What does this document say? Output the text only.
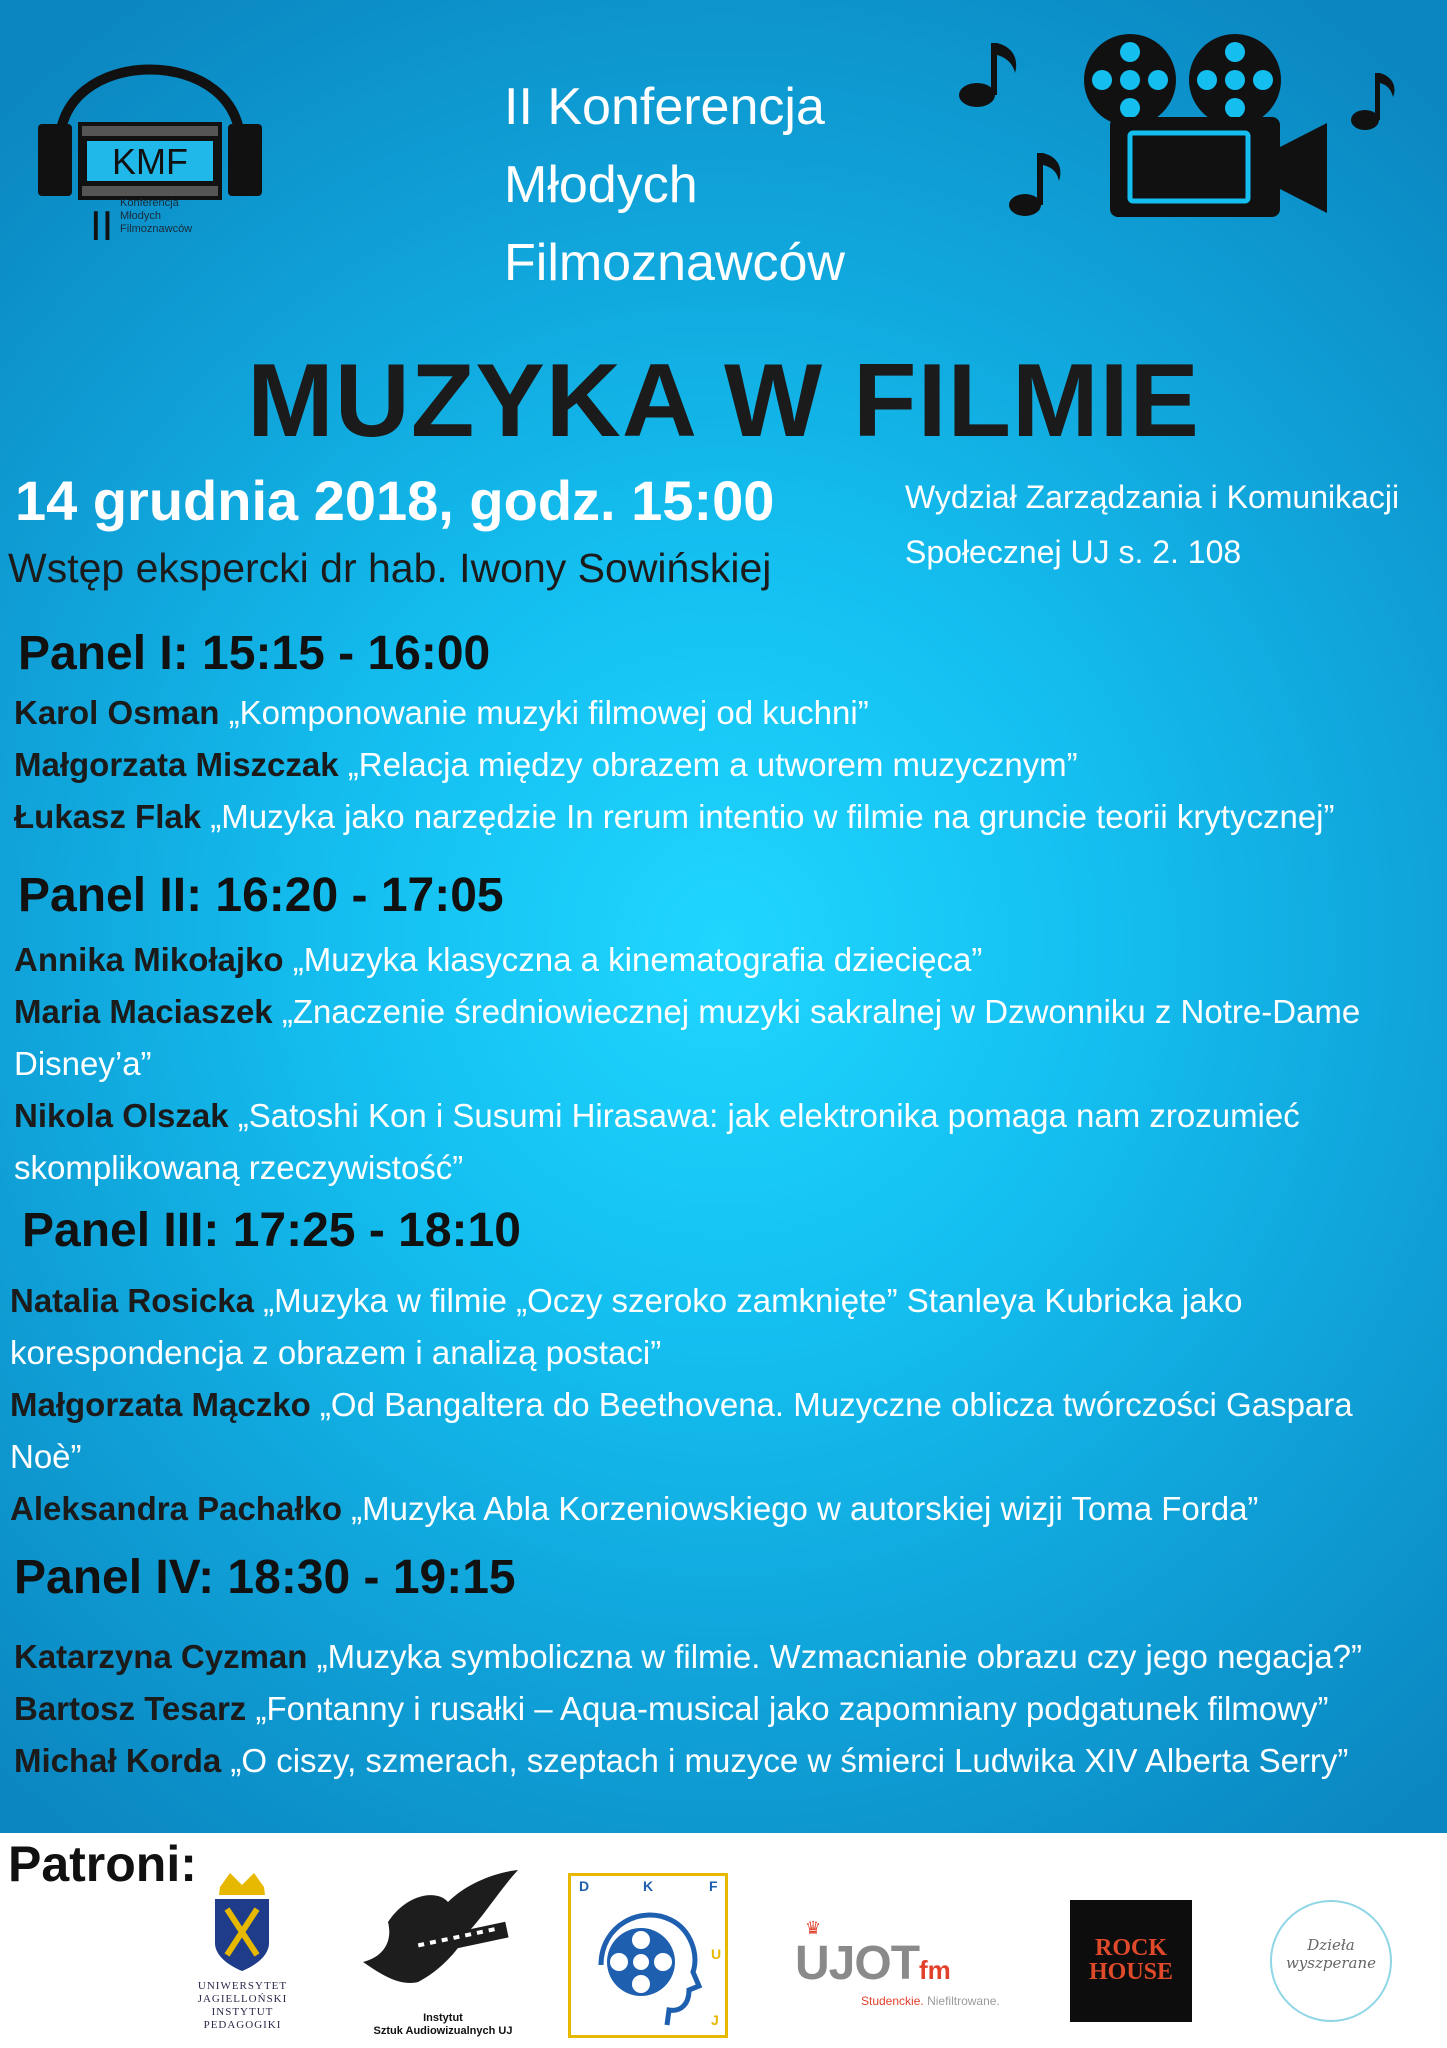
KMF
II Konferencja
Młodych
Filmoznawców
II Konferencja
Młodych
Filmoznawców
MUZYKA W FILMIE
14 grudnia 2018, godz. 15:00
Wstęp ekspercki dr hab. Iwony Sowińskiej
Wydział Zarządzania i Komunikacji
Społecznej UJ s. 2. 108
Panel I: 15:15 - 16:00
Karol Osman „Komponowanie muzyki filmowej od kuchni”
Małgorzata Miszczak „Relacja między obrazem a utworem muzycznym”
Łukasz Flak „Muzyka jako narzędzie In rerum intentio w filmie na gruncie teorii krytycznej”
Panel II: 16:20 - 17:05
Annika Mikołajko „Muzyka klasyczna a kinematografia dziecięca”
Maria Maciaszek „Znaczenie średniowiecznej muzyki sakralnej w Dzwonniku z Notre-Dame Disney’a”
Nikola Olszak „Satoshi Kon i Susumi Hirasawa: jak elektronika pomaga nam zrozumieć skomplikowaną rzeczywistość”
Panel III: 17:25 - 18:10
Natalia Rosicka „Muzyka w filmie „Oczy szeroko zamknięte” Stanleya Kubricka jako korespondencja z obrazem i analizą postaci”
Małgorzata Mączko „Od Bangaltera do Beethovena. Muzyczne oblicza twórczości Gaspara Noè”
Aleksandra Pachałko „Muzyka Abla Korzeniowskiego w autorskiej wizji Toma Forda”
Panel IV: 18:30 - 19:15
Katarzyna Cyzman „Muzyka symboliczna w filmie. Wzmacnianie obrazu czy jego negacja?”
Bartosz Tesarz „Fontanny i rusałki – Aqua-musical jako zapomniany podgatunek filmowy”
Michał Korda „O ciszy, szmerach, szeptach i muzyce w śmierci Ludwika XIV Alberta Serry”
Patroni:
UNIWERSYTET
JAGIELLOŃSKI
INSTYTUT
PEDAGOGIKI
Instytut
Sztuk Audiowizualnych UJ
D	K	F
U
J
♛
UJOTfm
Studenckie. Niefiltrowane.
ROCK
HOUSE
Dzieła
wyszperane
